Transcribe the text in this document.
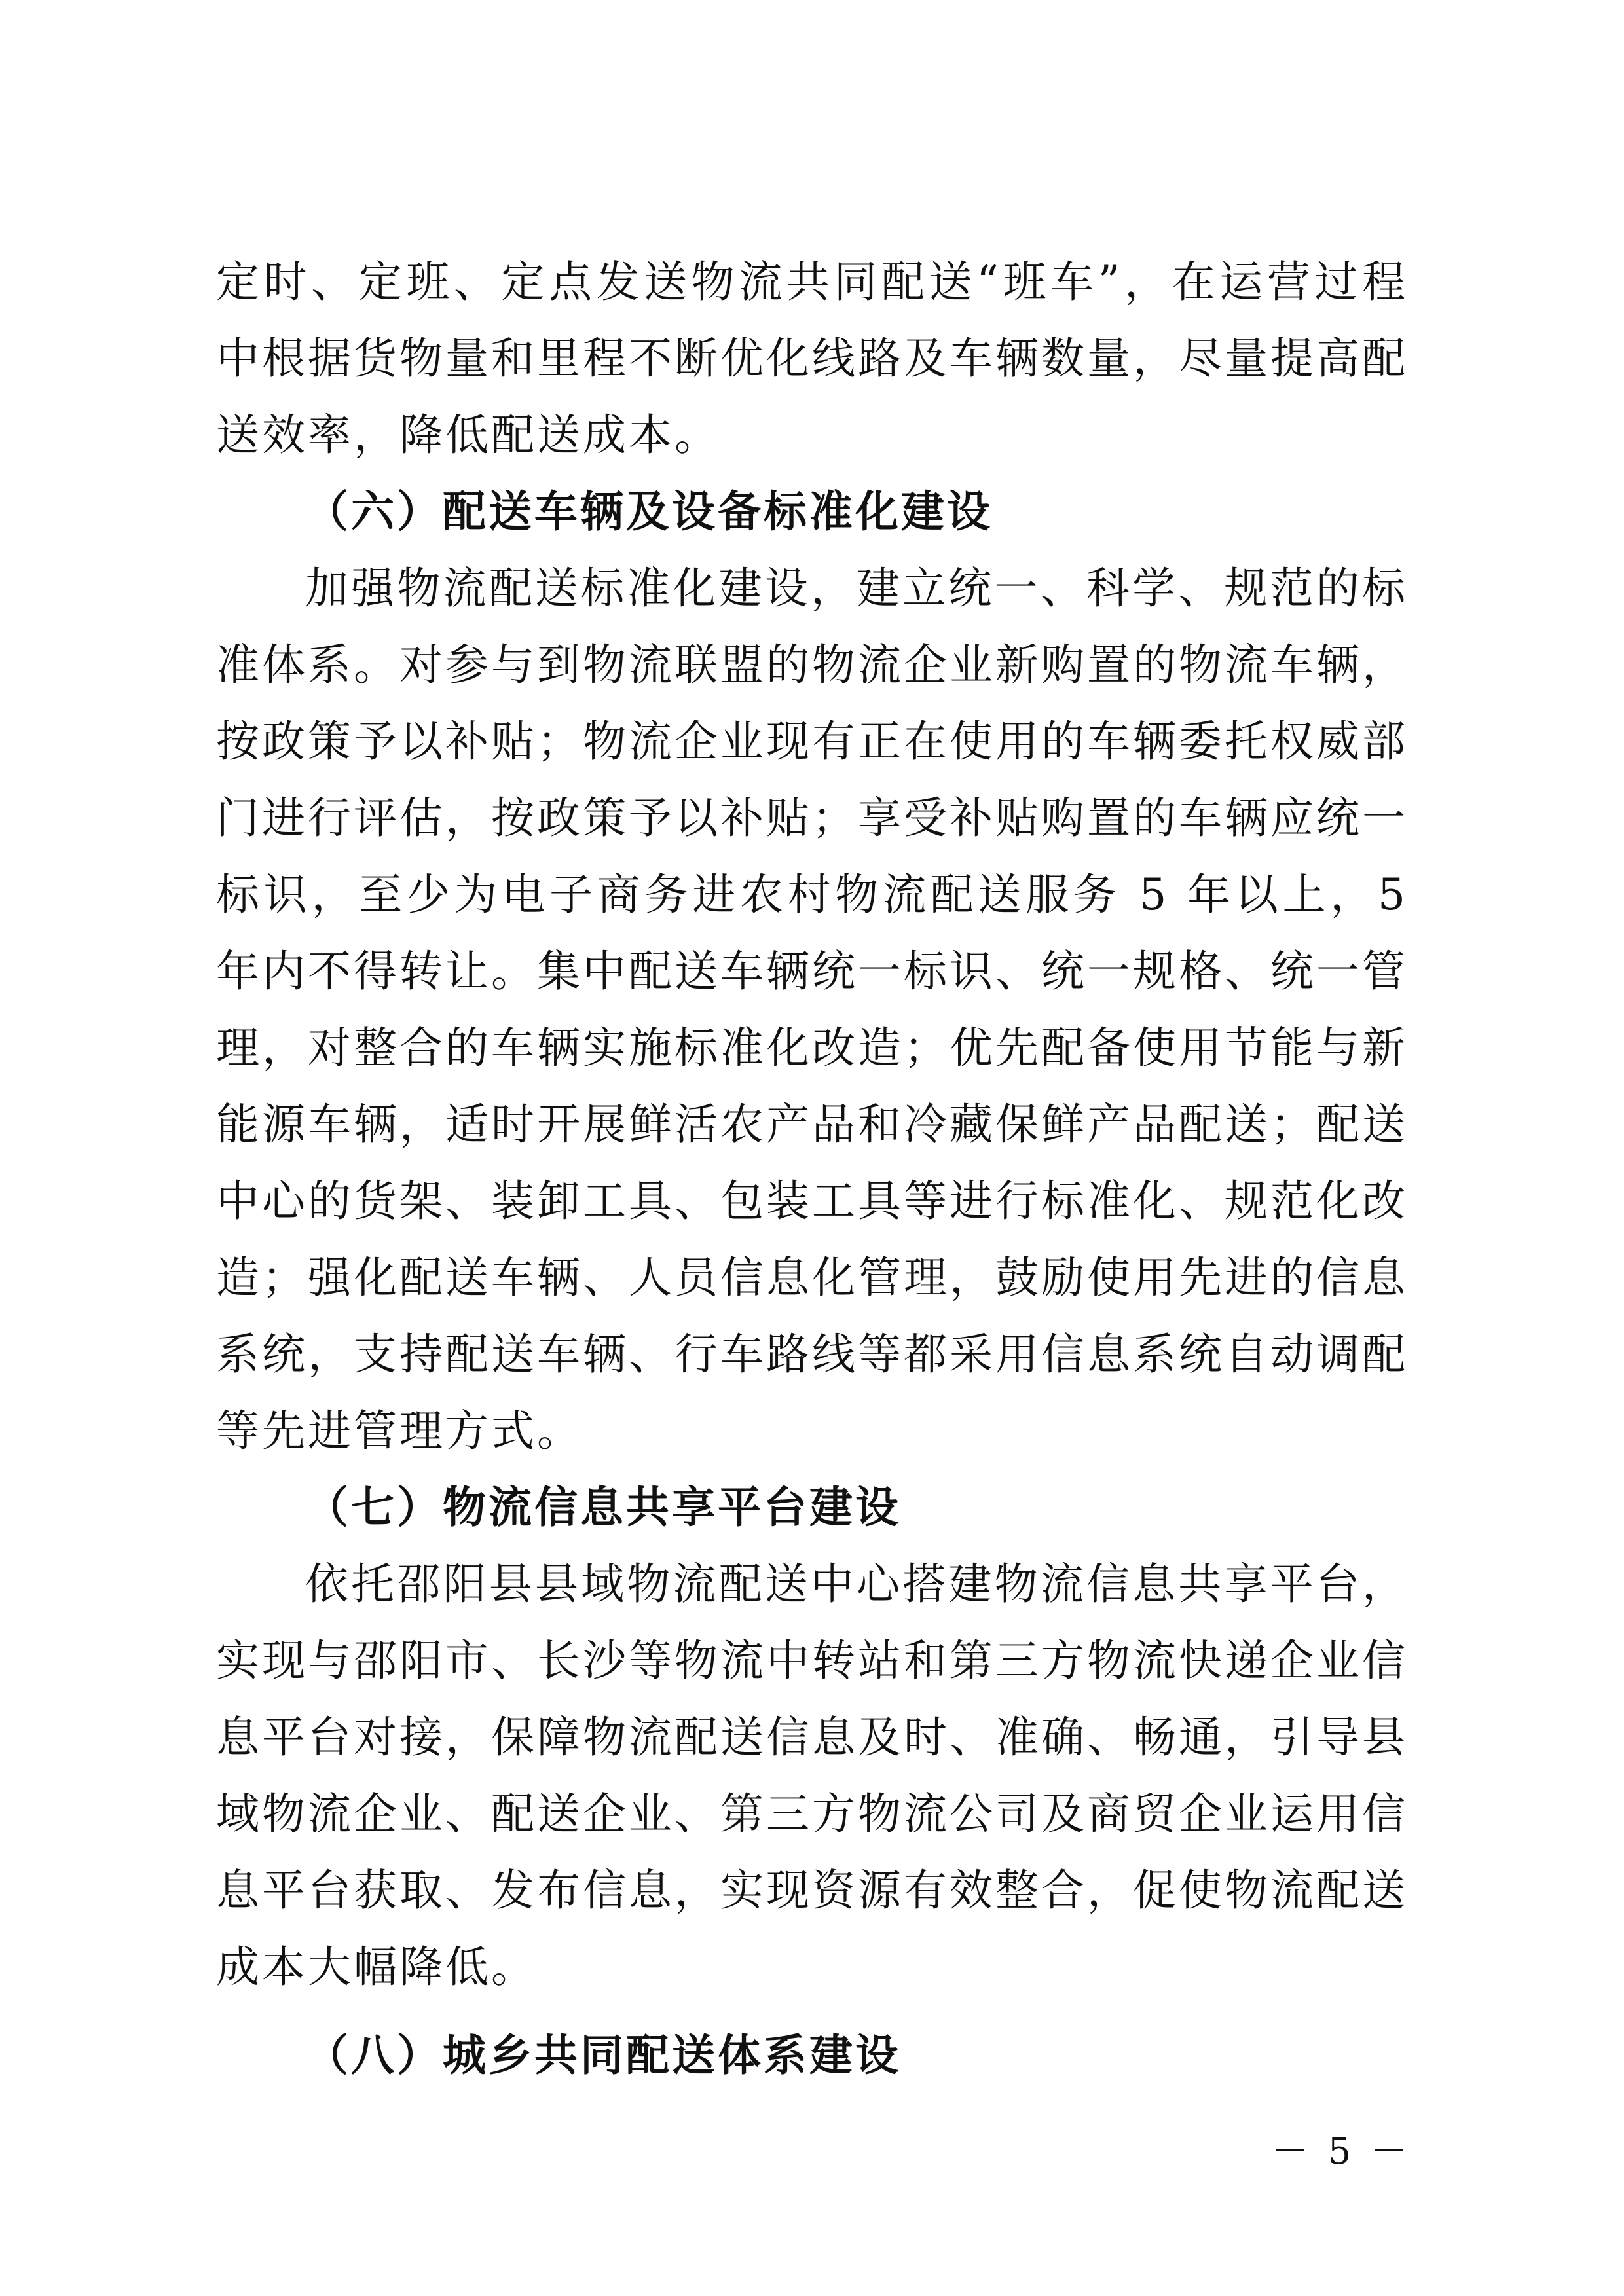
定时、定班、定点发送物流共同配送“班车”，在运营过程中根据货物量和里程不断优化线路及车辆数量，尽量提高配送效率，降低配送成本。

（六）配送车辆及设备标准化建设

加强物流配送标准化建设，建立统一、科学、规范的标准体系。对参与到物流联盟的物流企业新购置的物流车辆，按政策予以补贴；物流企业现有正在使用的车辆委托权威部门进行评估，按政策予以补贴；享受补贴购置的车辆应统一标识，至少为电子商务进农村物流配送服务 5 年以上，5 年内不得转让。集中配送车辆统一标识、统一规格、统一管理，对整合的车辆实施标准化改造；优先配备使用节能与新能源车辆，适时开展鲜活农产品和冷藏保鲜产品配送；配送中心的货架、装卸工具、包装工具等进行标准化、规范化改造；强化配送车辆、人员信息化管理，鼓励使用先进的信息系统，支持配送车辆、行车路线等都采用信息系统自动调配等先进管理方式。

（七）物流信息共享平台建设

依托邵阳县县域物流配送中心搭建物流信息共享平台，实现与邵阳市、长沙等物流中转站和第三方物流快递企业信息平台对接，保障物流配送信息及时、准确、畅通，引导县域物流企业、配送企业、第三方物流公司及商贸企业运用信息平台获取、发布信息，实现资源有效整合，促使物流配送成本大幅降低。

（八）城乡共同配送体系建设
－ 5 －
